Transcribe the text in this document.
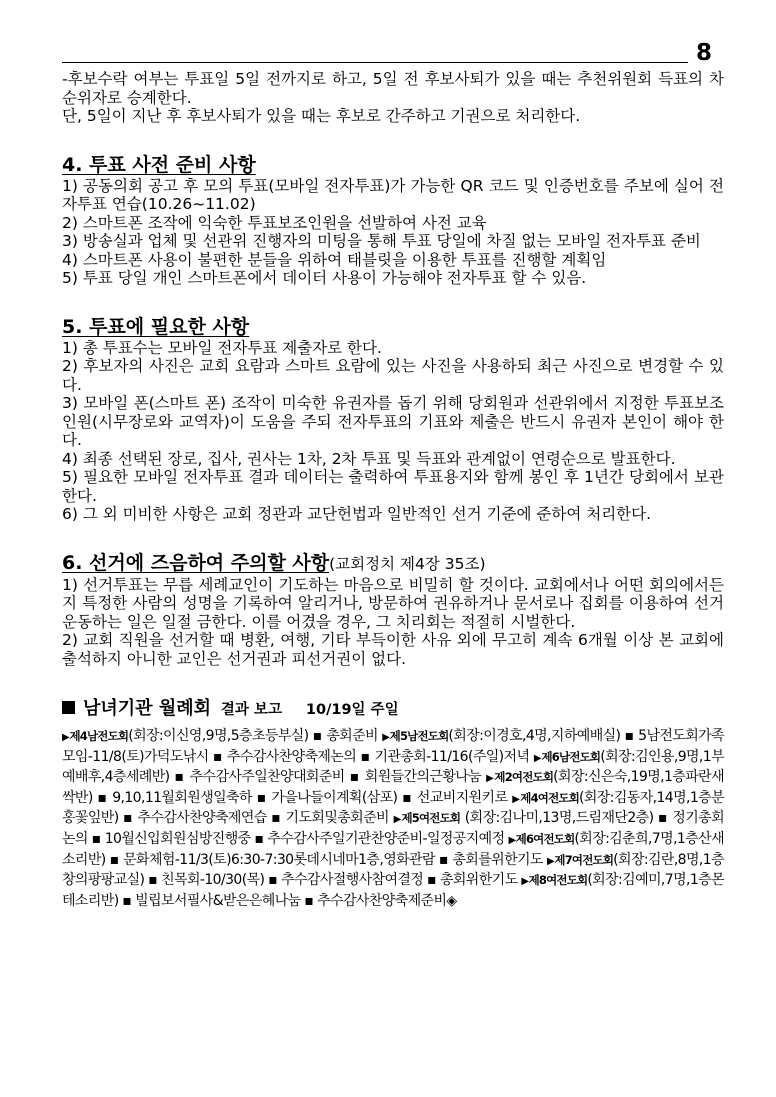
8

-후보수락 여부는 투표일 5일 전까지로 하고, 5일 전 후보사퇴가 있을 때는 추천위원회 득표의 차 순위자로 승계한다.

단, 5일이 지난 후 후보사퇴가 있을 때는 후보로 간주하고 기권으로 처리한다.

4. 투표 사전 준비 사항

1) 공동의회 공고 후 모의 투표(모바일 전자투표)가 가능한 QR 코드 및 인증번호를 주보에 실어 전자투표 연습(10.26~11.02)

2) 스마트폰 조작에 익숙한 투표보조인원을 선발하여 사전 교육

3) 방송실과 업체 및 선관위 진행자의 미팅을 통해 투표 당일에 차질 없는 모바일 전자투표 준비

4) 스마트폰 사용이 불편한 분들을 위하여 태블릿을 이용한 투표를 진행할 계획임

5) 투표 당일 개인 스마트폰에서 데이터 사용이 가능해야 전자투표 할 수 있음.

5. 투표에 필요한 사항

1) 총 투표수는 모바일 전자투표 제출자로 한다.

2) 후보자의 사진은 교회 요람과 스마트 요람에 있는 사진을 사용하되 최근 사진으로 변경할 수 있다.

3) 모바일 폰(스마트 폰) 조작이 미숙한 유권자를 돕기 위해 당회원과 선관위에서 지정한 투표보조인원(시무장로와 교역자)이 도움을 주되 전자투표의 기표와 제출은 반드시 유권자 본인이 해야 한다.

4) 최종 선택된 장로, 집사, 권사는 1차, 2차 투표 및 득표와 관계없이 연령순으로 발표한다.

5) 필요한 모바일 전자투표 결과 데이터는 출력하여 투표용지와 함께 봉인 후 1년간 당회에서 보관한다.

6) 그 외 미비한 사항은 교회 정관과 교단헌법과 일반적인 선거 기준에 준하여 처리한다.

6. 선거에 즈음하여 주의할 사항(교회정치 제4장 35조)

1) 선거투표는 무릅 세례교인이 기도하는 마음으로 비밀히 할 것이다. 교회에서나 어떤 회의에서든지 특정한 사람의 성명을 기록하여 알리거나, 방문하여 권유하거나 문서로나 집회를 이용하여 선거운동하는 일은 일절 금한다. 이를 어겼을 경우, 그 치리회는 적절히 시벌한다.

2) 교회 직원을 선거할 때 병환, 여행, 기타 부득이한 사유 외에 무고히 계속 6개월 이상 본 교회에 출석하지 아니한 교인은 선거권과 피선거권이 없다.

남녀기관 월례회 결과 보고 10/19일 주일
▶제4남전도회(회장:이신영,9명,5층초등부실) ▪ 총회준비 ▶제5남전도회(회장:이경호,4명,지하예배실) ▪ 5남전도회가족모임-11/8(토)가덕도낚시 ▪ 추수감사찬양축제논의 ▪ 기관총회-11/16(주일)저녁 ▶제6남전도회(회장:김인용,9명,1부예배후,4층세례반) ▪ 추수감사주일찬양대회준비 ▪ 회원들간의근황나눔 ▶제2여전도회(회장:신은숙,19명,1층파란새싹반) ▪ 9,10,11월회원생일축하 ▪ 가을나들이계획(삼포) ▪ 선교비지원키로 ▶제4여전도회(회장:김동자,14명,1층분홍꽃잎반) ▪ 추수감사찬양축제연습 ▪ 기도회및총회준비 ▶제5여전도회 (회장:김나미,13명,드림재단2층) ▪ 정기총회논의 ▪ 10월신입회원심방진행중 ▪ 추수감사주일기관찬양준비-일정공지예정 ▶제6여전도회(회장:김춘희,7명,1층산새소리반) ▪ 문화체험-11/3(토)6:30-7:30롯데시네마1층,영화관람 ▪ 총회를위한기도 ▶제7여전도회(회장:김란,8명,1층창의팡팡교실) ▪ 친목회-10/30(목) ▪ 추수감사절행사참여결정 ▪ 총회위한기도 ▶제8여전도회(회장:김예미,7명,1층몬테소리반) ▪ 빌립보서필사&받은은혜나눔 ▪ 추수감사찬양축제준비◈
